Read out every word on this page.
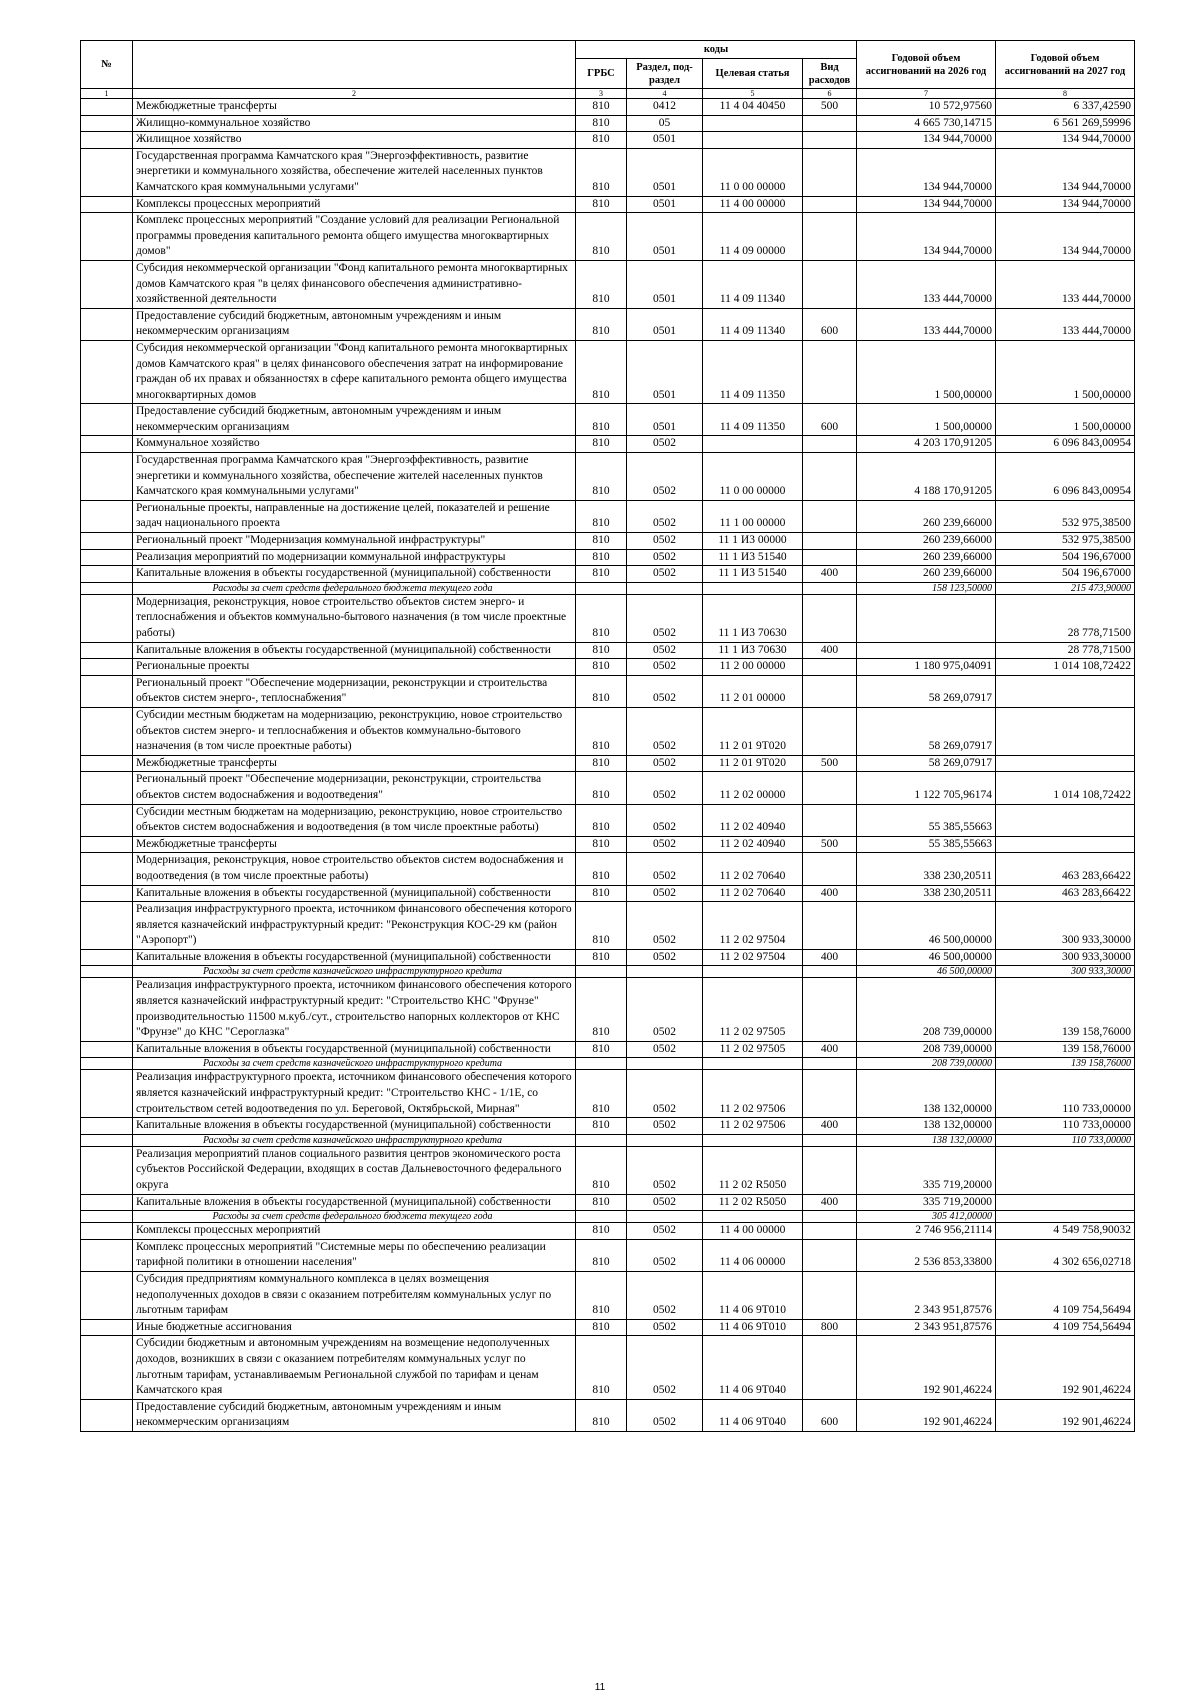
№		коды				Годовой объем ассигнований на 2026 год	Годовой объем ассигнований на 2027 год
		ГРБС	Раздел, под-раздел	Целевая статья	Вид расходов		
1	2	3	4	5	6	7	8
	Межбюджетные трансферты	810	0412	11 4 04 40450	500	10 572,97560	6 337,42590
	Жилищно-коммунальное хозяйство	810	05			4 665 730,14715	6 561 269,59996
	Жилищное хозяйство	810	0501			134 944,70000	134 944,70000
	Государственная программа Камчатского края "Энергоэффективность, развитие энергетики и коммунального хозяйства, обеспечение жителей населенных пунктов Камчатского края коммунальными услугами"	810	0501	11 0 00 00000		134 944,70000	134 944,70000
	Комплексы процессных мероприятий	810	0501	11 4 00 00000		134 944,70000	134 944,70000
	Комплекс процессных мероприятий "Создание условий для реализации Региональной программы проведения капитального ремонта общего имущества многоквартирных домов"	810	0501	11 4 09 00000		134 944,70000	134 944,70000
	Субсидия некоммерческой организации "Фонд капитального ремонта многоквартирных домов Камчатского края "в целях финансового обеспечения административно-хозяйственной деятельности	810	0501	11 4 09 11340		133 444,70000	133 444,70000
	Предоставление субсидий бюджетным, автономным учреждениям и иным некоммерческим организациям	810	0501	11 4 09 11340	600	133 444,70000	133 444,70000
	Субсидия некоммерческой организации "Фонд капитального ремонта многоквартирных домов Камчатского края" в целях финансового обеспечения затрат на информирование граждан об их правах и обязанностях в сфере капитального ремонта общего имущества многоквартирных домов	810	0501	11 4 09 11350		1 500,00000	1 500,00000
	Предоставление субсидий бюджетным, автономным учреждениям и иным некоммерческим организациям	810	0501	11 4 09 11350	600	1 500,00000	1 500,00000
	Коммунальное хозяйство	810	0502			4 203 170,91205	6 096 843,00954
	Государственная программа Камчатского края "Энергоэффективность, развитие энергетики и коммунального хозяйства, обеспечение жителей населенных пунктов Камчатского края коммунальными услугами"	810	0502	11 0 00 00000		4 188 170,91205	6 096 843,00954
	Региональные проекты, направленные на достижение целей, показателей и решение задач национального проекта	810	0502	11 1 00 00000		260 239,66000	532 975,38500
	Региональный проект "Модернизация коммунальной инфраструктуры"	810	0502	11 1 И3 00000		260 239,66000	532 975,38500
	Реализация мероприятий по модернизации коммунальной инфраструктуры	810	0502	11 1 И3 51540		260 239,66000	504 196,67000
	Капитальные вложения в объекты государственной (муниципальной) собственности	810	0502	11 1 И3 51540	400	260 239,66000	504 196,67000
	Расходы за счет средств федерального бюджета текущего года					158 123,50000	215 473,90000
	Модернизация, реконструкция, новое строительство объектов систем энерго- и теплоснабжения и объектов коммунально-бытового назначения (в том числе проектные работы)	810	0502	11 1 И3 70630			28 778,71500
	Капитальные вложения в объекты государственной (муниципальной) собственности	810	0502	11 1 И3 70630	400		28 778,71500
	Региональные проекты	810	0502	11 2 00 00000		1 180 975,04091	1 014 108,72422
	Региональный проект "Обеспечение модернизации, реконструкции и строительства объектов систем энерго-, теплоснабжения"	810	0502	11 2 01 00000		58 269,07917	
	Субсидии местным бюджетам на модернизацию, реконструкцию, новое строительство объектов систем энерго- и теплоснабжения и объектов коммунально-бытового назначения (в том числе проектные работы)	810	0502	11 2 01 9Т020		58 269,07917	
	Межбюджетные трансферты	810	0502	11 2 01 9Т020	500	58 269,07917	
	Региональный проект "Обеспечение модернизации, реконструкции, строительства объектов систем водоснабжения и водоотведения"	810	0502	11 2 02 00000		1 122 705,96174	1 014 108,72422
	Субсидии местным бюджетам на модернизацию, реконструкцию, новое строительство объектов систем водоснабжения и водоотведения (в том числе проектные работы)	810	0502	11 2 02 40940		55 385,55663	
	Межбюджетные трансферты	810	0502	11 2 02 40940	500	55 385,55663	
	Модернизация, реконструкция, новое строительство объектов систем водоснабжения и водоотведения (в том числе проектные работы)	810	0502	11 2 02 70640		338 230,20511	463 283,66422
	Капитальные вложения в объекты государственной (муниципальной) собственности	810	0502	11 2 02 70640	400	338 230,20511	463 283,66422
	Реализация инфраструктурного проекта, источником финансового обеспечения которого является казначейский инфраструктурный кредит: "Реконструкция КОС-29 км (район "Аэропорт")	810	0502	11 2 02 97504		46 500,00000	300 933,30000
	Капитальные вложения в объекты государственной (муниципальной) собственности	810	0502	11 2 02 97504	400	46 500,00000	300 933,30000
	Расходы за счет средств казначейского инфраструктурного кредита					46 500,00000	300 933,30000
	Реализация инфраструктурного проекта, источником финансового обеспечения которого является казначейский инфраструктурный кредит: "Строительство КНС "Фрунзе" производительностью 11500 м.куб./сут., строительство напорных коллекторов от КНС "Фрунзе" до КНС "Сероглазка"	810	0502	11 2 02 97505		208 739,00000	139 158,76000
	Капитальные вложения в объекты государственной (муниципальной) собственности	810	0502	11 2 02 97505	400	208 739,00000	139 158,76000
	Расходы за счет средств казначейского инфраструктурного кредита					208 739,00000	139 158,76000
	Реализация инфраструктурного проекта, источником финансового обеспечения которого является казначейский инфраструктурный кредит: "Строительство КНС - 1/1Е, со строительством сетей водоотведения по ул. Береговой, Октябрьской, Мирная"	810	0502	11 2 02 97506		138 132,00000	110 733,00000
	Капитальные вложения в объекты государственной (муниципальной) собственности	810	0502	11 2 02 97506	400	138 132,00000	110 733,00000
	Расходы за счет средств казначейского инфраструктурного кредита					138 132,00000	110 733,00000
	Реализация мероприятий планов социального развития центров экономического роста субъектов Российской Федерации, входящих в состав Дальневосточного федерального округа	810	0502	11 2 02 R5050		335 719,20000	
	Капитальные вложения в объекты государственной (муниципальной) собственности	810	0502	11 2 02 R5050	400	335 719,20000	
	Расходы за счет средств федерального бюджета текущего года					305 412,00000	
	Комплексы процессных мероприятий	810	0502	11 4 00 00000		2 746 956,21114	4 549 758,90032
	Комплекс процессных мероприятий "Системные меры по обеспечению реализации тарифной политики в отношении населения"	810	0502	11 4 06 00000		2 536 853,33800	4 302 656,02718
	Субсидия предприятиям коммунального комплекса в целях возмещения недополученных доходов в связи с оказанием потребителям коммунальных услуг по льготным тарифам	810	0502	11 4 06 9Т010		2 343 951,87576	4 109 754,56494
	Иные бюджетные ассигнования	810	0502	11 4 06 9Т010	800	2 343 951,87576	4 109 754,56494
	Субсидии бюджетным и автономным учреждениям на возмещение недополученных доходов, возникших в связи с оказанием потребителям коммунальных услуг по льготным тарифам, устанавливаемым Региональной службой по тарифам и ценам Камчатского края	810	0502	11 4 06 9Т040		192 901,46224	192 901,46224
	Предоставление субсидий бюджетным, автономным учреждениям и иным некоммерческим организациям	810	0502	11 4 06 9Т040	600	192 901,46224	192 901,46224
11
